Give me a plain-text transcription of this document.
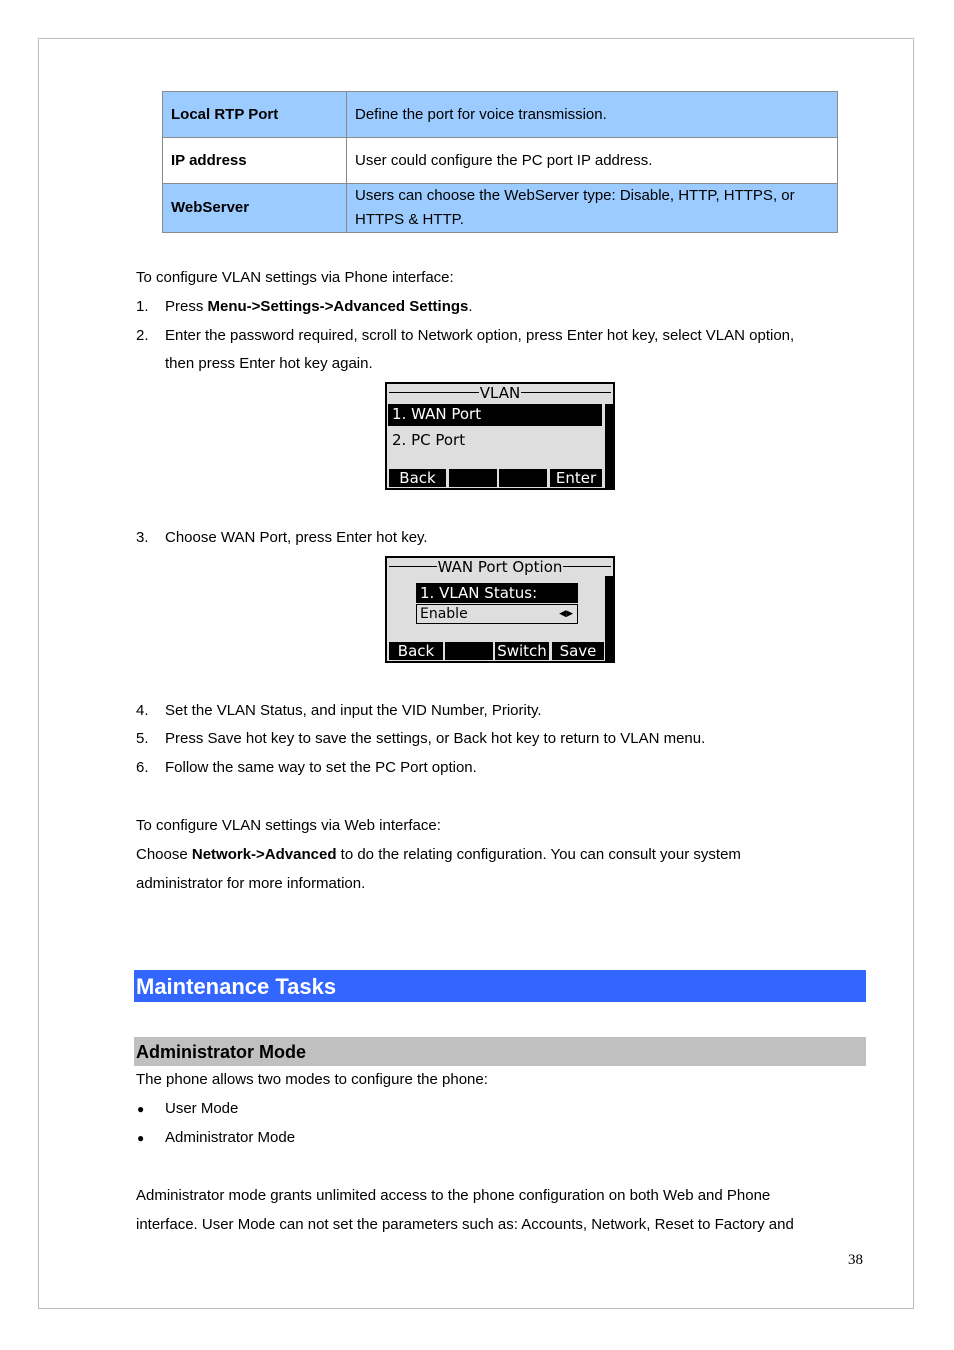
Local RTP Port	Define the port for voice transmission.
IP address	User could configure the PC port IP address.
WebServer	Users can choose the WebServer type: Disable, HTTP, HTTPS, or HTTPS & HTTP.
To configure VLAN settings via Phone interface:
1. Press Menu->Settings->Advanced Settings.
2. Enter the password required, scroll to Network option, press Enter hot key, select VLAN option,
then press Enter hot key again.
VLAN
1. WAN Port
2. PC Port
Back	Enter
3. Choose WAN Port, press Enter hot key.
WAN Port Option
1. VLAN Status:
Enable	◀▶
Back	Switch Save
4. Set the VLAN Status, and input the VID Number, Priority.
5. Press Save hot key to save the settings, or Back hot key to return to VLAN menu.
6. Follow the same way to set the PC Port option.
To configure VLAN settings via Web interface:
Choose Network->Advanced to do the relating configuration. You can consult your system
administrator for more information.
Maintenance Tasks
Administrator Mode
The phone allows two modes to configure the phone:
● User Mode
● Administrator Mode
Administrator mode grants unlimited access to the phone configuration on both Web and Phone
interface. User Mode can not set the parameters such as: Accounts, Network, Reset to Factory and
38
